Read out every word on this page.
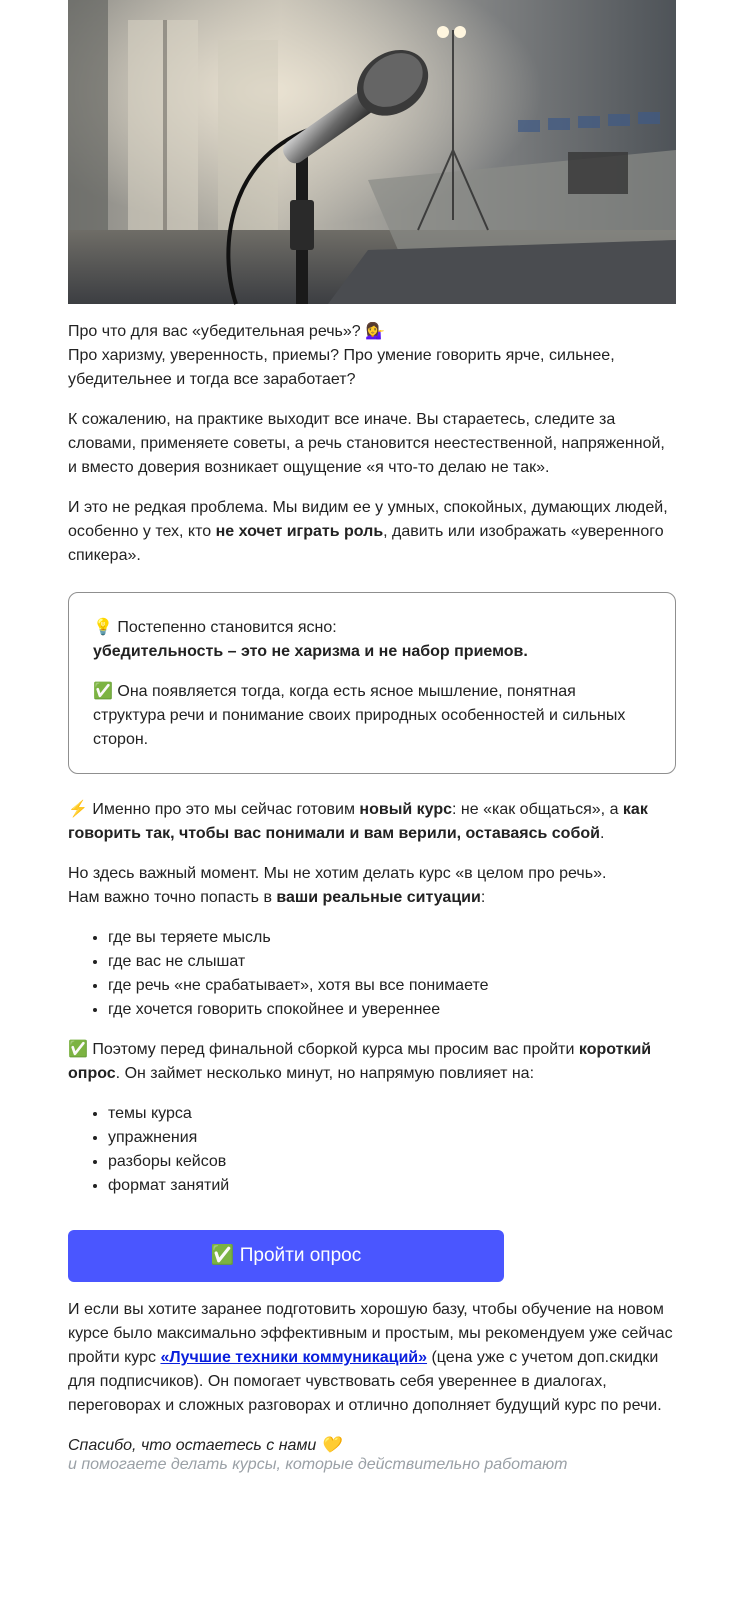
Про что для вас «убедительная речь»? 💁‍♀️
Про харизму, уверенность, приемы? Про умение говорить ярче, сильнее, убедительнее и тогда все заработает?

К сожалению, на практике выходит все иначе. Вы стараетесь, следите за словами, применяете советы, а речь становится неестественной, напряженной, и вместо доверия возникает ощущение «я что-то делаю не так».

И это не редкая проблема. Мы видим ее у умных, спокойных, думающих людей, особенно у тех, кто не хочет играть роль, давить или изображать «уверенного спикера».

💡 Постепенно становится ясно:
убедительность – это не харизма и не набор приемов.

✅ Она появляется тогда, когда есть ясное мышление, понятная структура речи и понимание своих природных особенностей и сильных сторон.

⚡ Именно про это мы сейчас готовим новый курс: не «как общаться», а как говорить так, чтобы вас понимали и вам верили, оставаясь собой.

Но здесь важный момент. Мы не хотим делать курс «в целом про речь».
Нам важно точно попасть в ваши реальные ситуации:

• где вы теряете мысль
• где вас не слышат
• где речь «не срабатывает», хотя вы все понимаете
• где хочется говорить спокойнее и увереннее

✅ Поэтому перед финальной сборкой курса мы просим вас пройти короткий опрос. Он займет несколько минут, но напрямую повлияет на:

• темы курса
• упражнения
• разборы кейсов
• формат занятий
✅ Пройти опрос

И если вы хотите заранее подготовить хорошую базу, чтобы обучение на новом курсе было максимально эффективным и простым, мы рекомендуем уже сейчас пройти курс «Лучшие техники коммуникаций» (цена уже с учетом доп.скидки для подписчиков). Он помогает чувствовать себя увереннее в диалогах, переговорах и сложных разговорах и отлично дополняет будущий курс по речи.

Спасибо, что остаетесь с нами 💛

и помогаете делать курсы, которые действительно работают
